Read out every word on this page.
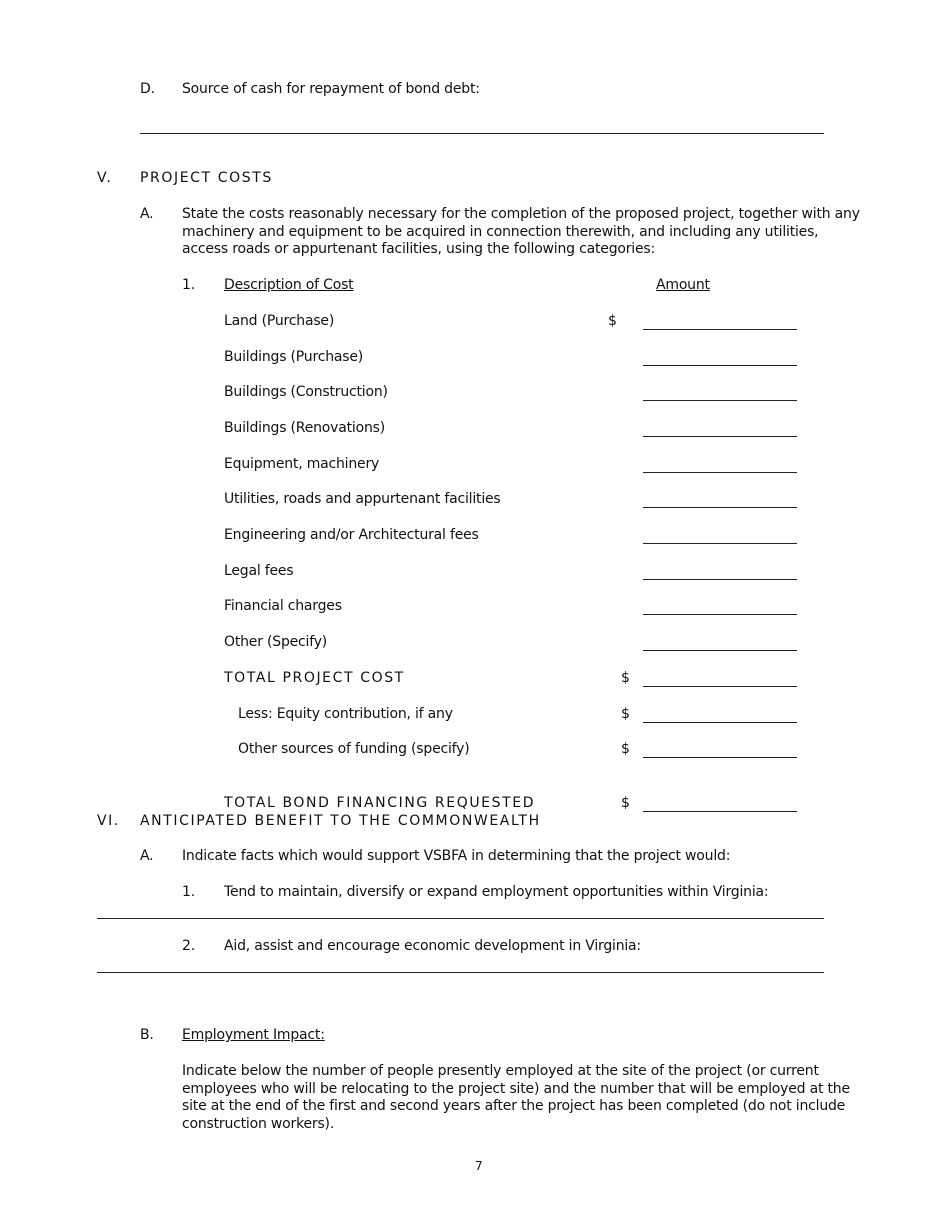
D. Source of cash for repayment of bond debt:
V. PROJECT COSTS
A. State the costs reasonably necessary for the completion of the proposed project, together with any machinery and equipment to be acquired in connection therewith, and including any utilities, access roads or appurtenant facilities, using the following categories:
1. Description of Cost	Amount
Land (Purchase)	$
Buildings (Purchase)
Buildings (Construction)
Buildings (Renovations)
Equipment, machinery
Utilities, roads and appurtenant facilities
Engineering and/or Architectural fees
Legal fees
Financial charges
Other (Specify)
TOTAL PROJECT COST	$
Less: Equity contribution, if any	$
Other sources of funding (specify)	$
TOTAL BOND FINANCING REQUESTED	$
VI. ANTICIPATED BENEFIT TO THE COMMONWEALTH
A. Indicate facts which would support VSBFA in determining that the project would:
1. Tend to maintain, diversify or expand employment opportunities within Virginia:
2. Aid, assist and encourage economic development in Virginia:
B. Employment Impact:
Indicate below the number of people presently employed at the site of the project (or current employees who will be relocating to the project site) and the number that will be employed at the site at the end of the first and second years after the project has been completed (do not include construction workers).
7
